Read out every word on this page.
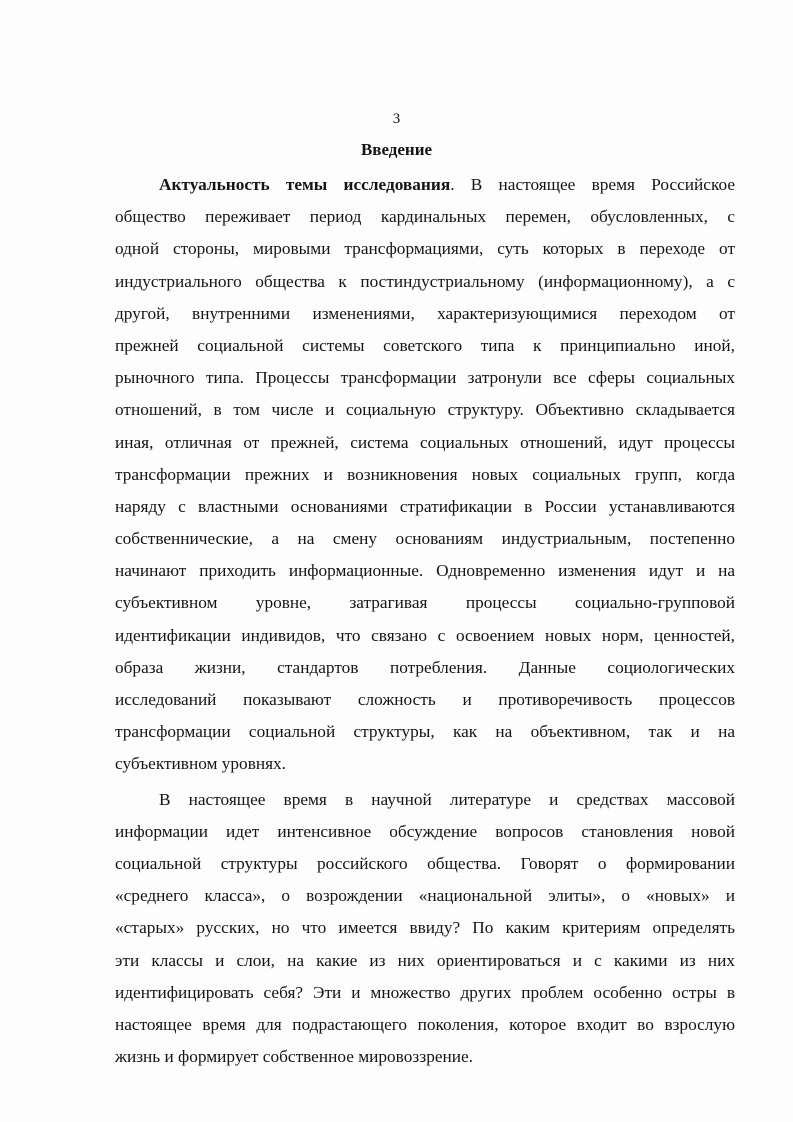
3
Введение
Актуальность темы исследования. В настоящее время Российское
общество переживает период кардинальных перемен, обусловленных, с
одной стороны, мировыми трансформациями, суть которых в переходе от
индустриального общества к постиндустриальному (информационному), а с
другой, внутренними изменениями, характеризующимися переходом от
прежней социальной системы советского типа к принципиально иной,
рыночного типа. Процессы трансформации затронули все сферы социальных
отношений, в том числе и социальную структуру. Объективно складывается
иная, отличная от прежней, система социальных отношений, идут процессы
трансформации прежних и возникновения новых социальных групп, когда
наряду с властными основаниями стратификации в России устанавливаются
собственнические, а на смену основаниям индустриальным, постепенно
начинают приходить информационные. Одновременно изменения идут и на
субъективном уровне, затрагивая процессы социально-групповой
идентификации индивидов, что связано с освоением новых норм, ценностей,
образа жизни, стандартов потребления. Данные социологических
исследований показывают сложность и противоречивость процессов
трансформации социальной структуры, как на объективном, так и на
субъективном уровнях.
В настоящее время в научной литературе и средствах массовой
информации идет интенсивное обсуждение вопросов становления новой
социальной структуры российского общества. Говорят о формировании
«среднего класса», о возрождении «национальной элиты», о «новых» и
«старых» русских, но что имеется ввиду? По каким критериям определять
эти классы и слои, на какие из них ориентироваться и с какими из них
идентифицировать себя? Эти и множество других проблем особенно остры в
настоящее время для подрастающего поколения, которое входит во взрослую
жизнь и формирует собственное мировоззрение.
